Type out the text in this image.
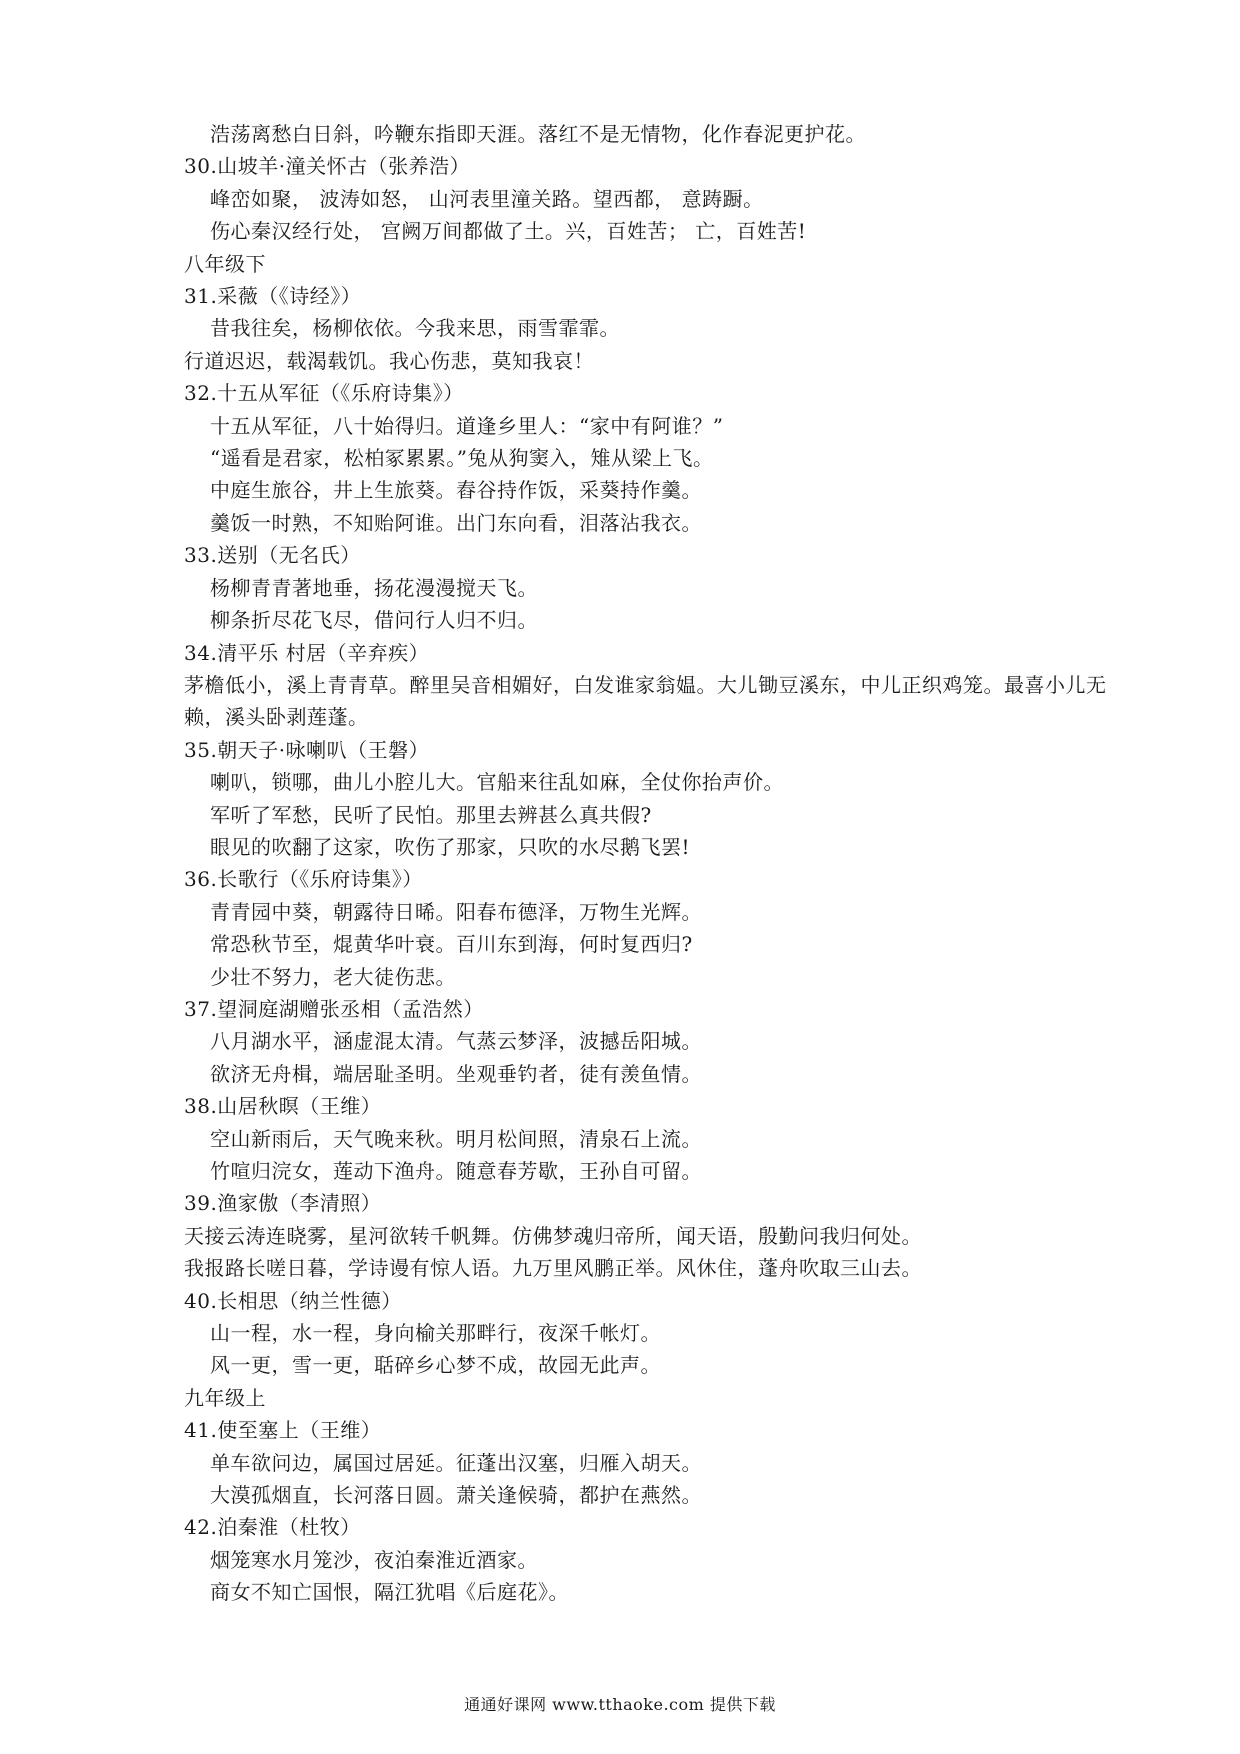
浩荡离愁白日斜，吟鞭东指即天涯。落红不是无情物，化作春泥更护花。
30.山坡羊·潼关怀古（张养浩）
峰峦如聚， 波涛如怒， 山河表里潼关路。望西都， 意踌蹰。
伤心秦汉经行处， 宫阙万间都做了土。兴，百姓苦； 亡，百姓苦!
八年级下
31.采薇（《诗经》）
昔我往矣，杨柳依依。今我来思，雨雪霏霏。
行道迟迟，载渴载饥。我心伤悲，莫知我哀！
32.十五从军征（《乐府诗集》）
十五从军征，八十始得归。道逢乡里人：“家中有阿谁？”
“遥看是君家，松柏冢累累。”兔从狗窦入，雉从梁上飞。
中庭生旅谷，井上生旅葵。舂谷持作饭，采葵持作羹。
羹饭一时熟，不知贻阿谁。出门东向看，泪落沾我衣。
33.送别（无名氏）
杨柳青青著地垂，扬花漫漫搅天飞。
柳条折尽花飞尽，借问行人归不归。
34.清平乐 村居（辛弃疾）
茅檐低小，溪上青青草。醉里吴音相媚好，白发谁家翁媪。大儿锄豆溪东，中儿正织鸡笼。最喜小儿无赖，溪头卧剥莲蓬。
35.朝天子·咏喇叭（王磐）
喇叭，锁哪，曲儿小腔儿大。官船来往乱如麻，全仗你抬声价。
军听了军愁，民听了民怕。那里去辨甚么真共假?
眼见的吹翻了这家，吹伤了那家，只吹的水尽鹅飞罢!
36.长歌行（《乐府诗集》）
青青园中葵，朝露待日晞。阳春布德泽，万物生光辉。
常恐秋节至，焜黄华叶衰。百川东到海，何时复西归?
少壮不努力，老大徒伤悲。
37.望洞庭湖赠张丞相（孟浩然）
八月湖水平，涵虚混太清。气蒸云梦泽，波撼岳阳城。
欲济无舟楫，端居耻圣明。坐观垂钓者，徒有羡鱼情。
38.山居秋暝（王维）
空山新雨后，天气晚来秋。明月松间照，清泉石上流。
竹喧归浣女，莲动下渔舟。随意春芳歇，王孙自可留。
39.渔家傲（李清照）
天接云涛连晓雾，星河欲转千帆舞。仿佛梦魂归帝所，闻天语，殷勤问我归何处。
我报路长嗟日暮，学诗谩有惊人语。九万里风鹏正举。风休住，蓬舟吹取三山去。
40.长相思（纳兰性德）
山一程，水一程，身向榆关那畔行，夜深千帐灯。
风一更，雪一更，聒碎乡心梦不成，故园无此声。
九年级上
41.使至塞上（王维）
单车欲问边，属国过居延。征蓬出汉塞，归雁入胡天。
大漠孤烟直，长河落日圆。萧关逢候骑，都护在燕然。
42.泊秦淮（杜牧）
烟笼寒水月笼沙，夜泊秦淮近酒家。
商女不知亡国恨，隔江犹唱《后庭花》。
通通好课网 www.tthaoke.com 提供下载
